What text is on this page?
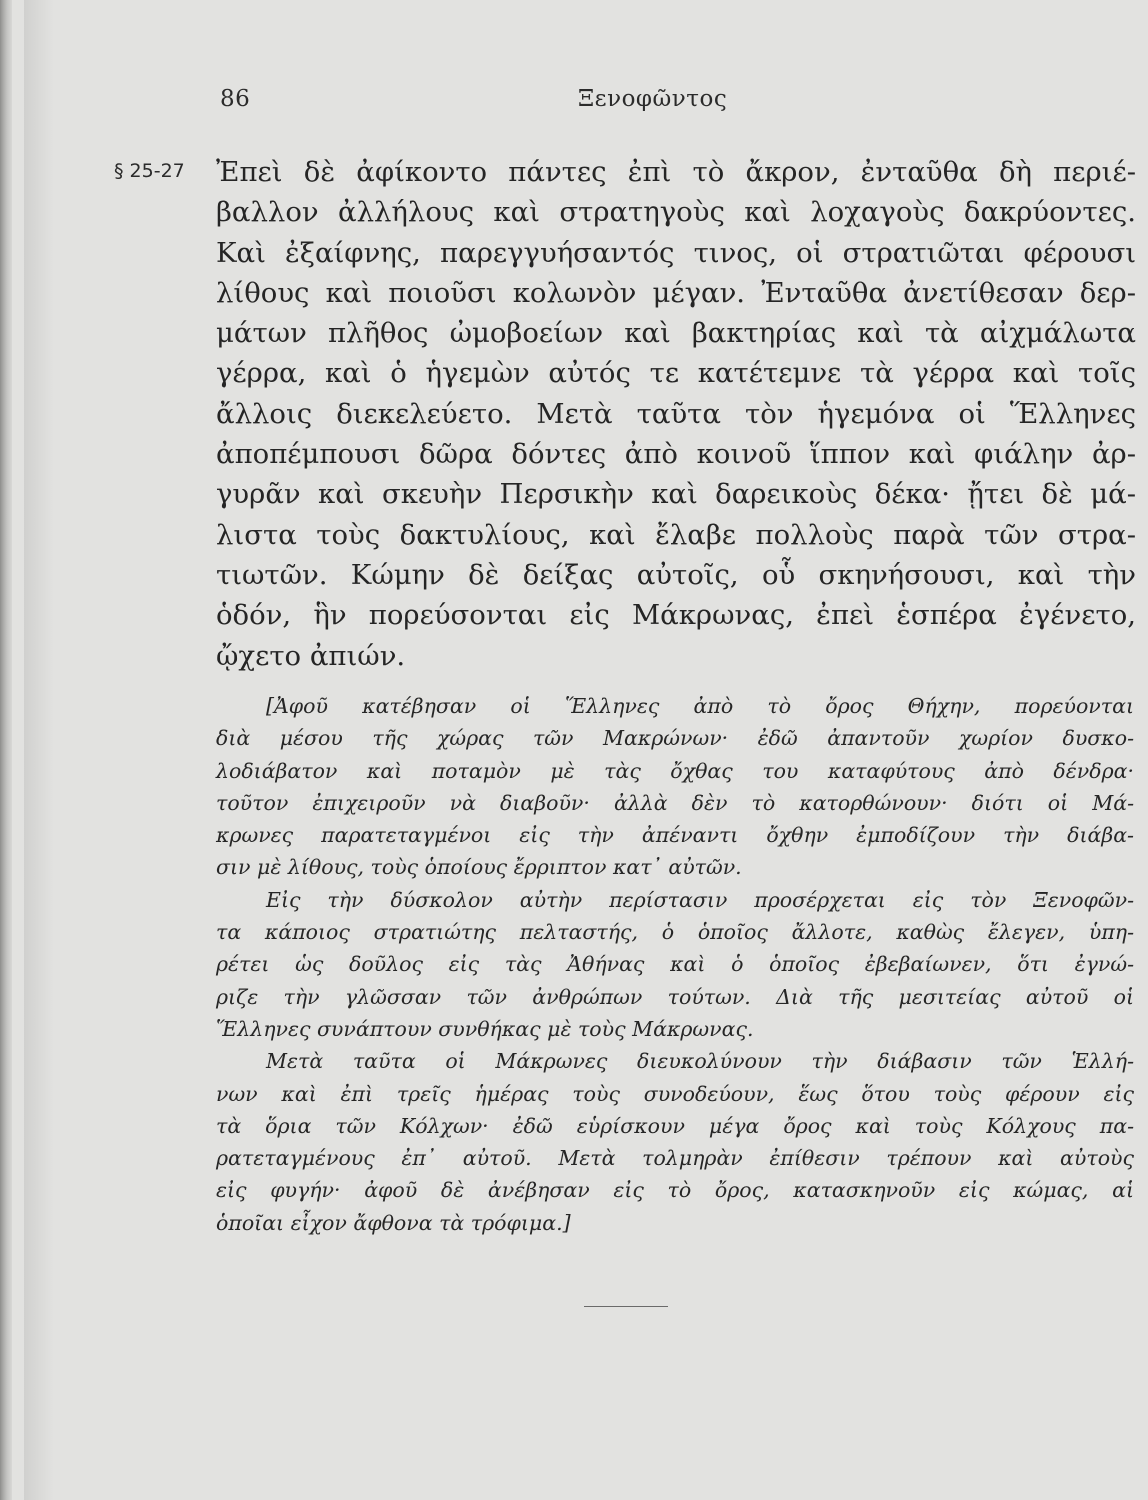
86	Ξενοφῶντος
§ 25-27 Ἐπεὶ δὲ ἀφίκοντο πάντες ἐπὶ τὸ ἄκρον, ἐνταῦθα δὴ περιέ-
βαλλον ἀλλήλους καὶ στρατηγοὺς καὶ λοχαγοὺς δακρύοντες.
Καὶ ἐξαίφνης, παρεγγυήσαντός τινος, οἱ στρατιῶται φέρουσι
λίθους καὶ ποιοῦσι κολωνὸν μέγαν. Ἐνταῦθα ἀνετίθεσαν δερ-
μάτων πλῆθος ὠμοβοείων καὶ βακτηρίας καὶ τὰ αἰχμάλωτα
γέρρα, καὶ ὁ ἡγεμὼν αὐτός τε κατέτεμνε τὰ γέρρα καὶ τοῖς
ἄλλοις διεκελεύετο. Μετὰ ταῦτα τὸν ἡγεμόνα οἱ Ἕλληνες
ἀποπέμπουσι δῶρα δόντες ἀπὸ κοινοῦ ἵππον καὶ φιάλην ἀρ-
γυρᾶν καὶ σκευὴν Περσικὴν καὶ δαρεικοὺς δέκα· ᾔτει δὲ μά-
λιστα τοὺς δακτυλίους, καὶ ἔλαβε πολλοὺς παρὰ τῶν στρα-
τιωτῶν. Κώμην δὲ δείξας αὐτοῖς, οὗ σκηνήσουσι, καὶ τὴν
ὁδόν, ἣν πορεύσονται εἰς Μάκρωνας, ἐπεὶ ἑσπέρα ἐγένετο,
ᾤχετο ἀπιών.
[Ἀφοῦ κατέβησαν οἱ Ἕλληνες ἀπὸ τὸ ὄρος Θήχην, πορεύονται
διὰ μέσου τῆς χώρας τῶν Μακρώνων· ἐδῶ ἀπαντοῦν χωρίον δυσκο-
λοδιάβατον καὶ ποταμὸν μὲ τὰς ὄχθας του καταφύτους ἀπὸ δένδρα·
τοῦτον ἐπιχειροῦν νὰ διαβοῦν· ἀλλὰ δὲν τὸ κατορθώνουν· διότι οἱ Μά-
κρωνες παρατεταγμένοι εἰς τὴν ἀπέναντι ὄχθην ἐμποδίζουν τὴν διάβα-
σιν μὲ λίθους, τοὺς ὁποίους ἔρριπτον κατ᾽ αὐτῶν.
Εἰς τὴν δύσκολον αὐτὴν περίστασιν προσέρχεται εἰς τὸν Ξενοφῶν-
τα κάποιος στρατιώτης πελταστής, ὁ ὁποῖος ἄλλοτε, καθὼς ἔλεγεν, ὑπη-
ρέτει ὡς δοῦλος εἰς τὰς Ἀθήνας καὶ ὁ ὁποῖος ἐβεβαίωνεν, ὅτι ἐγνώ-
ριζε τὴν γλῶσσαν τῶν ἀνθρώπων τούτων. Διὰ τῆς μεσιτείας αὐτοῦ οἱ
Ἕλληνες συνάπτουν συνθήκας μὲ τοὺς Μάκρωνας.
Μετὰ ταῦτα οἱ Μάκρωνες διευκολύνουν τὴν διάβασιν τῶν Ἑλλή-
νων καὶ ἐπὶ τρεῖς ἡμέρας τοὺς συνοδεύουν, ἕως ὅτου τοὺς φέρουν εἰς
τὰ ὅρια τῶν Κόλχων· ἐδῶ εὑρίσκουν μέγα ὄρος καὶ τοὺς Κόλχους πα-
ρατεταγμένους ἐπ᾽ αὐτοῦ. Μετὰ τολμηρὰν ἐπίθεσιν τρέπουν καὶ αὐτοὺς
εἰς φυγήν· ἀφοῦ δὲ ἀνέβησαν εἰς τὸ ὄρος, κατασκηνοῦν εἰς κώμας, αἱ
ὁποῖαι εἶχον ἄφθονα τὰ τρόφιμα.]
